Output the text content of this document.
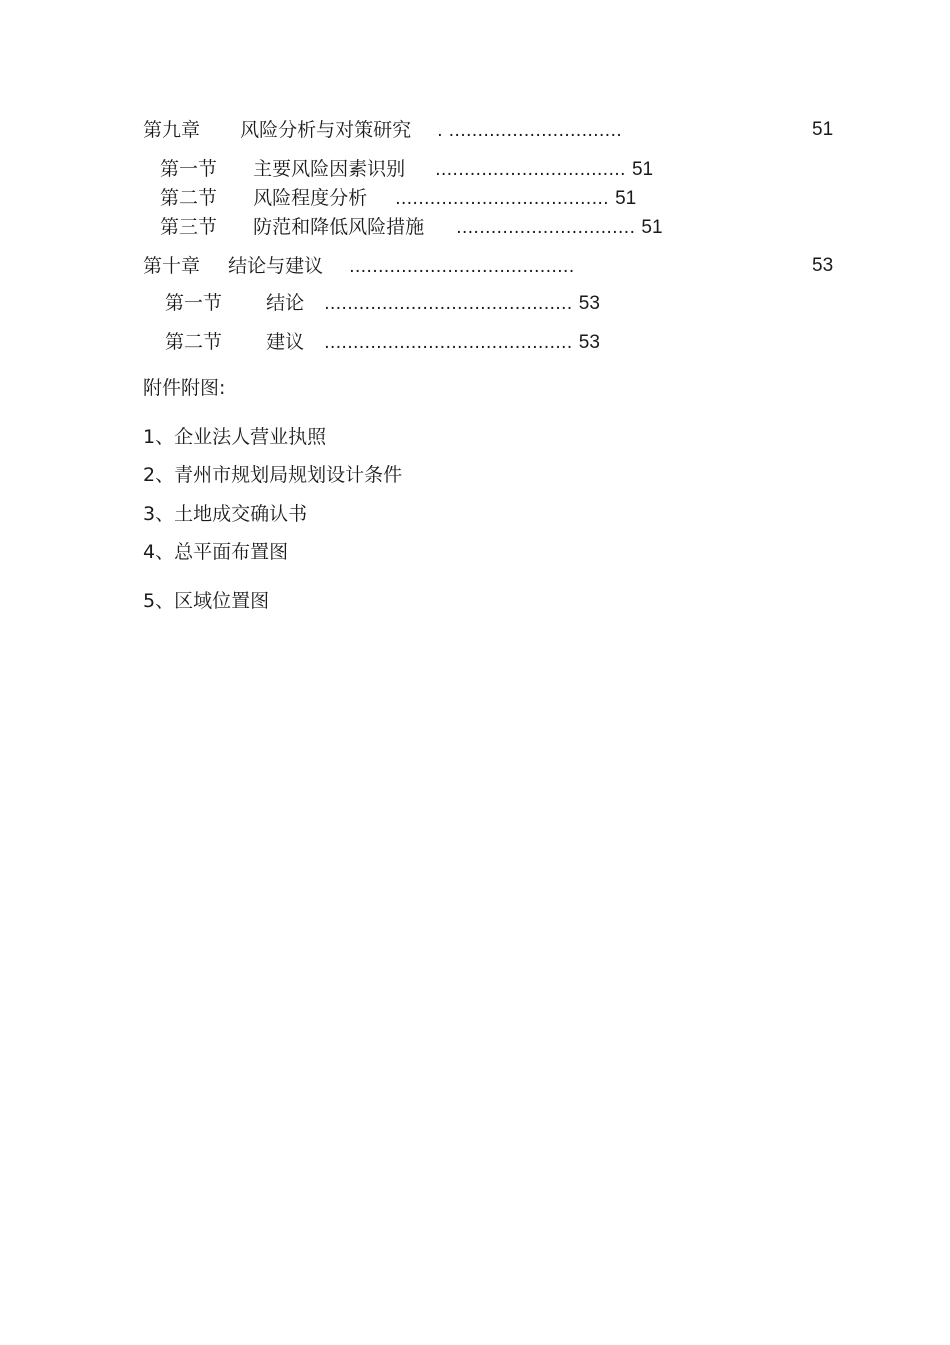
第九章 风险分析与对策研究 . ..............................	51
第一节 主要风险因素识别 ................................. 51
第二节 风险程度分析 ..................................... 51
第三节 防范和降低风险措施 ............................... 51
第十章 结论与建议 .......................................	53
第一节 结论 ........................................... 53
第二节 建议 ........................................... 53
附件附图:
1、企业法人营业执照
2、青州市规划局规划设计条件
3、土地成交确认书
4、总平面布置图
5、区域位置图
